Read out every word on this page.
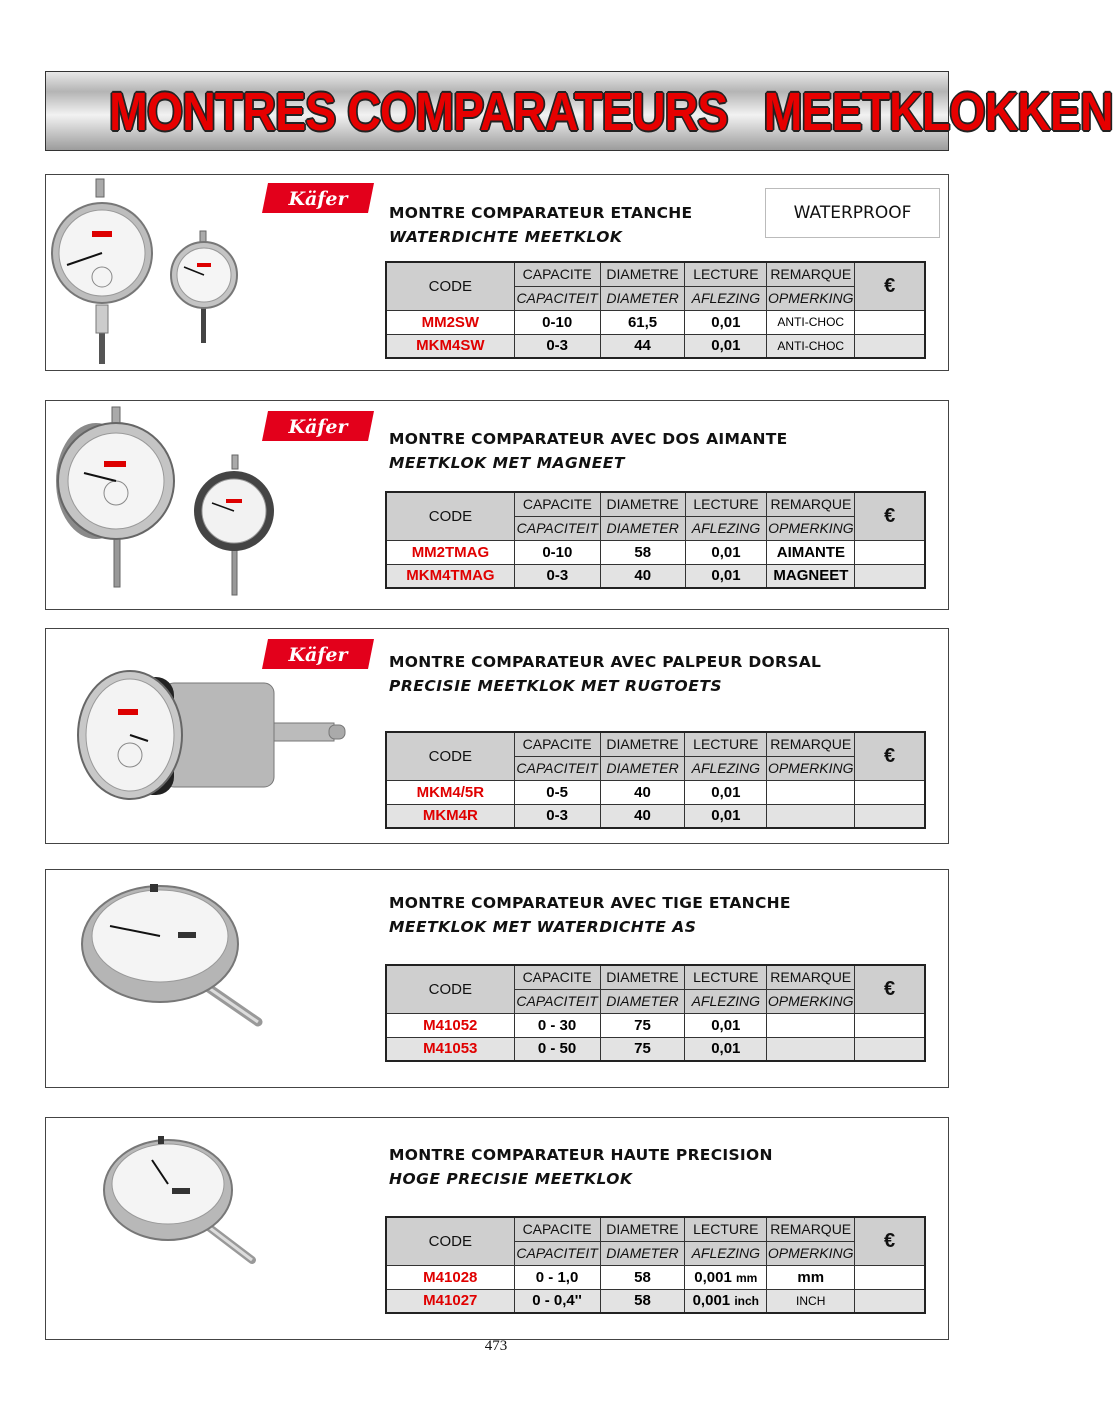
MONTRES COMPARATEURS   MEETKLOKKEN
Käfer
MONTRE COMPARATEUR ETANCHE
WATERDICHTE MEETKLOK
WATERPROOF
CODE	CAPACITE	DIAMETRE	LECTURE	REMARQUE	€
	CAPACITEIT	DIAMETER	AFLEZING	OPMERKING	
MM2SW	0-10	61,5	0,01	ANTI-CHOC	
MKM4SW	0-3	44	0,01	ANTI-CHOC	
Käfer
MONTRE COMPARATEUR AVEC DOS AIMANTE
MEETKLOK MET MAGNEET
CODE	CAPACITE	DIAMETRE	LECTURE	REMARQUE	€
	CAPACITEIT	DIAMETER	AFLEZING	OPMERKING	
MM2TMAG	0-10	58	0,01	AIMANTE	
MKM4TMAG	0-3	40	0,01	MAGNEET	
Käfer	MONTRE COMPARATEUR AVEC PALPEUR DORSAL
PRECISIE MEETKLOK MET RUGTOETS
CODE	CAPACITE	DIAMETRE	LECTURE	REMARQUE	€
	CAPACITEIT	DIAMETER	AFLEZING	OPMERKING	
MKM4/5R	0-5	40	0,01		
MKM4R	0-3	40	0,01		
MONTRE COMPARATEUR AVEC TIGE ETANCHE
MEETKLOK MET WATERDICHTE AS
CODE	CAPACITE	DIAMETRE	LECTURE	REMARQUE	€
	CAPACITEIT	DIAMETER	AFLEZING	OPMERKING	
M41052	0 - 30	75	0,01		
M41053	0 - 50	75	0,01		
MONTRE COMPARATEUR HAUTE PRECISION
HOGE PRECISIE MEETKLOK
CODE	CAPACITE	DIAMETRE	LECTURE	REMARQUE	€
	CAPACITEIT	DIAMETER	AFLEZING	OPMERKING	
M41028	0 - 1,0	58	0,001 mm	mm	
M41027	0 - 0,4''	58	0,001 inch	INCH	
473
